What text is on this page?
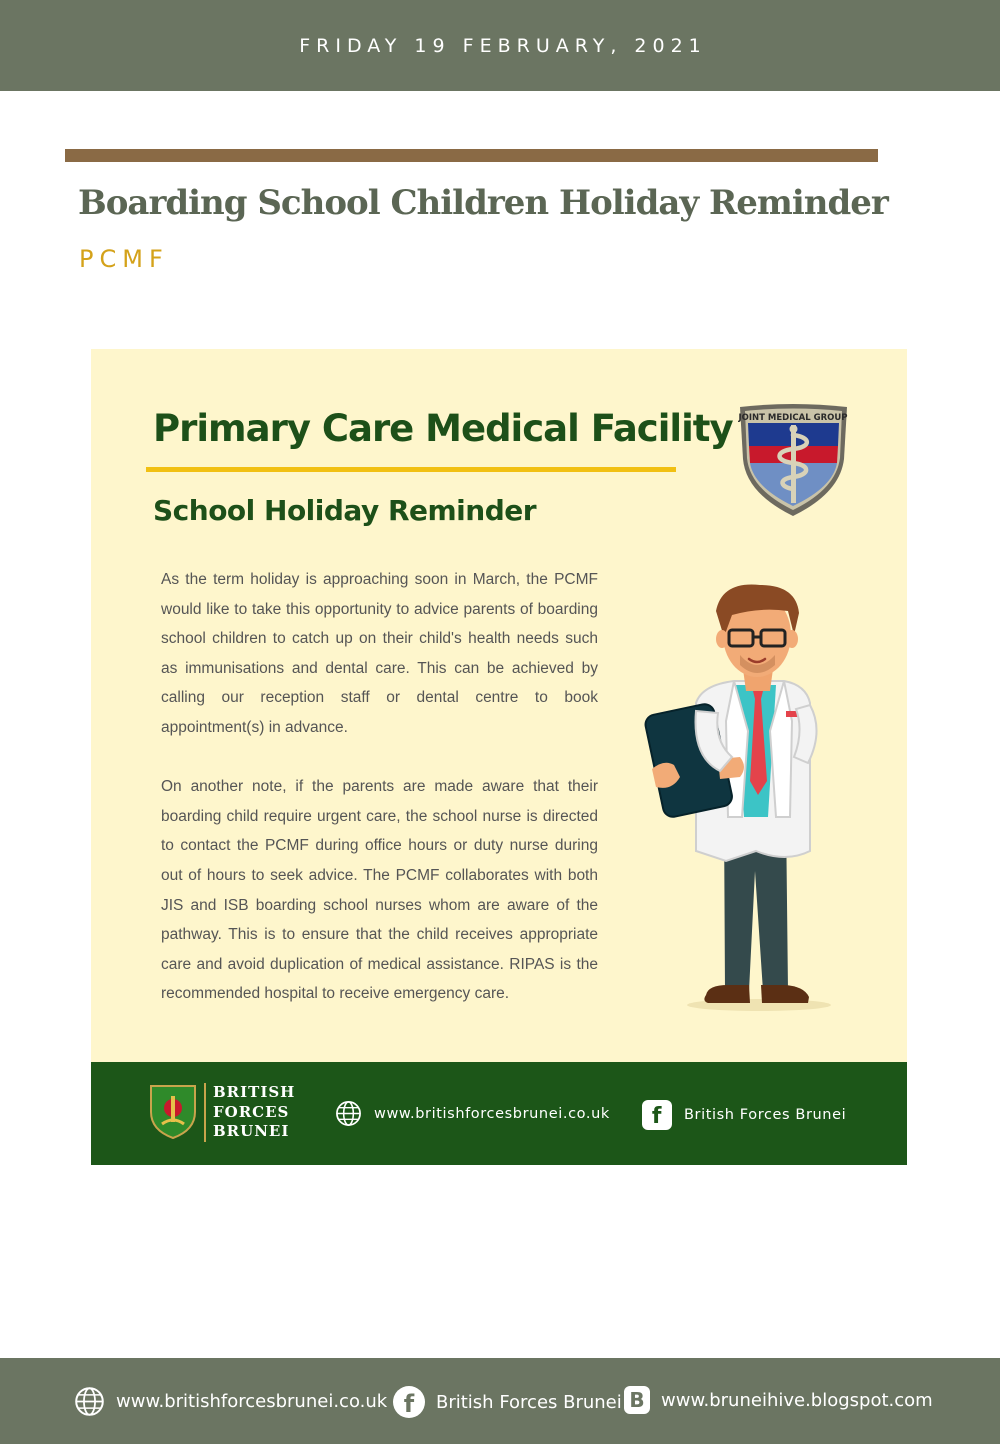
FRIDAY 19 FEBRUARY, 2021
Boarding School Children Holiday Reminder
PCMF
Primary Care Medical Facility
School Holiday Reminder
JOINT MEDICAL GROUP

As the term holiday is approaching soon in March, the PCMF would like to take this opportunity to advice parents of boarding school children to catch up on their child's health needs such as immunisations and dental care. This can be achieved by calling our reception staff or dental centre to book appointment(s) in advance.

On another note, if the parents are made aware that their boarding child require urgent care, the school nurse is directed to contact the PCMF during office hours or duty nurse during out of hours to seek advice. The PCMF collaborates with both JIS and ISB boarding school nurses whom are aware of the pathway. This is to ensure that the child receives appropriate care and avoid duplication of medical assistance. RIPAS is the recommended hospital to receive emergency care.

BRITISH
FORCES
BRUNEI
www.britishforcesbrunei.co.uk	f	British Forces Brunei
www.britishforcesbrunei.co.uk f	British Forces Brunei B www.bruneihive.blogspot.com
